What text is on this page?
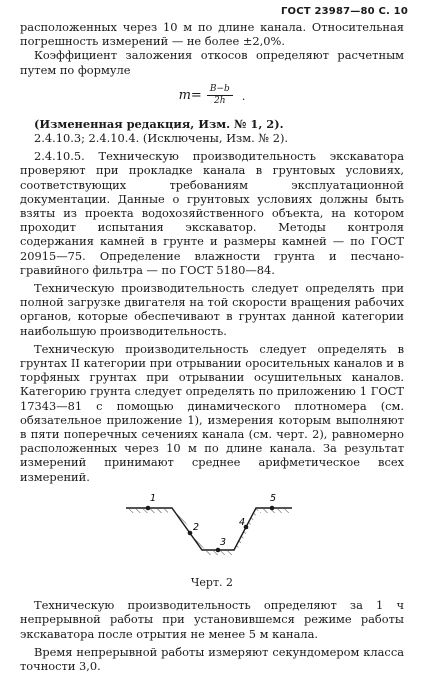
ГОСТ 23987—80 С. 10

расположенных через 10 м по длине канала. Относительная погрешность измерений — не более ±2,0%.

Коэффициент заложения откосов определяют расчетным путем по формуле

$m= \frac{B-b}{2h}$ .

(Измененная редакция, Изм. № 1, 2).

2.4.10.3; 2.4.10.4. (Исключены, Изм. № 2).

2.4.10.5. Техническую производительность экскаватора проверяют при прокладке канала в грунтовых условиях, соответствующих требованиям эксплуатационной документации. Данные о грунтовых условиях должны быть взяты из проекта водохозяйственного объекта, на котором проходит испытания экскаватор. Методы контроля содержания камней в грунте и размеры камней — по ГОСТ 20915—75. Определение влажности грунта и песчано-гравийного фильтра — по ГОСТ 5180—84.

Техническую производительность следует определять при полной загрузке двигателя на той скорости вращения рабочих органов, которые обеспечивают в грунтах данной категории наибольшую производительность.

Техническую производительность следует определять в грунтах II категории при отрывании оросительных каналов и в торфяных грунтах при отрывании осушительных каналов. Категорию грунта следует определять по приложению 1 ГОСТ 17343—81 с помощью динамического плотномера (см. обязательное приложение 1), измерения которым выполняют в пяти поперечных сечениях канала (см. черт. 2), равномерно расположенных через 10 м по длине канала. За результат измерений принимают среднее арифметическое всех измерений.

1
2
3
4
5
Черт. 2

Техническую производительность определяют за 1 ч непрерывной работы при установившемся режиме работы экскаватора после отрытия не менее 5 м канала.

Время непрерывной работы измеряют секундомером класса точности 3,0.
